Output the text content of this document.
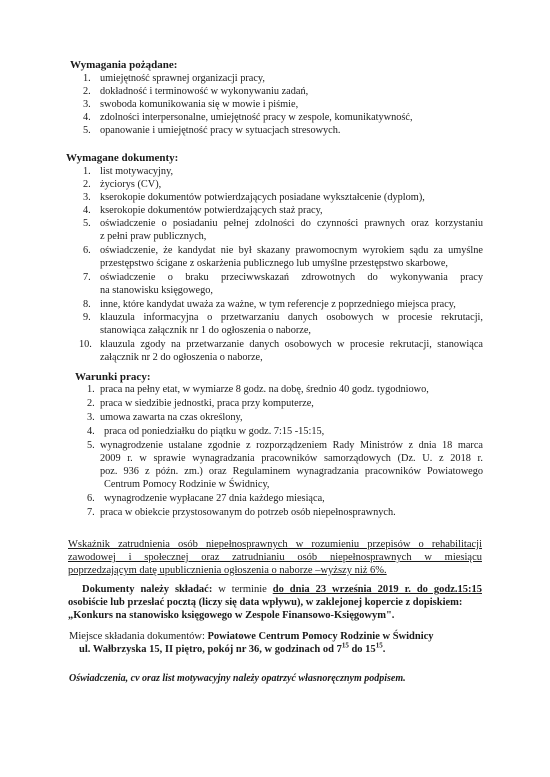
Wymagania pożądane:
1. umiejętność sprawnej organizacji pracy,
2. dokładność i terminowość w wykonywaniu zadań,
3. swoboda komunikowania się w mowie i piśmie,
4. zdolności interpersonalne, umiejętność pracy w zespole, komunikatywność,
5. opanowanie i umiejętność pracy w sytuacjach stresowych.
Wymagane dokumenty:
1. list motywacyjny,
2. życiorys (CV),
3. kserokopie dokumentów potwierdzających posiadane wykształcenie (dyplom),
4. kserokopie dokumentów potwierdzających staż pracy,
5. oświadczenie o posiadaniu pełnej zdolności do czynności prawnych oraz korzystaniu
z pełni praw publicznych,
6. oświadczenie, że kandydat nie był skazany prawomocnym wyrokiem sądu za umyślne
przestępstwo ścigane z oskarżenia publicznego lub umyślne przestępstwo skarbowe,
7. oświadczenie o braku przeciwwskazań zdrowotnych do wykonywania pracy
na stanowisku księgowego,
8. inne, które kandydat uważa za ważne, w tym referencje z poprzedniego miejsca pracy,
9. klauzula informacyjna o przetwarzaniu danych osobowych w procesie rekrutacji,
stanowiąca załącznik nr 1 do ogłoszenia o naborze,
10. klauzula zgody na przetwarzanie danych osobowych w procesie rekrutacji, stanowiąca
załącznik nr 2 do ogłoszenia o naborze,
Warunki pracy:
1. praca na pełny etat, w wymiarze 8 godz. na dobę, średnio 40 godz. tygodniowo,
2. praca w siedzibie jednostki, praca przy komputerze,
3. umowa zawarta na czas określony,
4. praca od poniedziałku do piątku w godz. 7:15 -15:15,
5. wynagrodzenie ustalane zgodnie z rozporządzeniem Rady Ministrów z dnia 18 marca
2009 r. w sprawie wynagradzania pracowników samorządowych (Dz. U. z 2018 r.
poz. 936 z późn. zm.) oraz Regulaminem wynagradzania pracowników Powiatowego
Centrum Pomocy Rodzinie w Świdnicy,
6. wynagrodzenie wypłacane 27 dnia każdego miesiąca,
7. praca w obiekcie przystosowanym do potrzeb osób niepełnosprawnych.
Wskaźnik zatrudnienia osób niepełnosprawnych w rozumieniu przepisów o rehabilitacji
zawodowej i społecznej oraz zatrudnianiu osób niepełnosprawnych w miesiącu
poprzedzającym datę upublicznienia ogłoszenia o naborze –wyższy niż 6%.
Dokumenty należy składać: w terminie do dnia 23 września 2019 r. do godz.15:15
osobiście lub przesłać pocztą (liczy się data wpływu), w zaklejonej kopercie z dopiskiem:
„Konkurs na stanowisko księgowego w Zespole Finansowo-Księgowym".
Miejsce składania dokumentów: Powiatowe Centrum Pomocy Rodzinie w Świdnicy
ul. Wałbrzyska 15, II piętro, pokój nr 36, w godzinach od $7^{15}$ do $15^{15}$.
Oświadczenia, cv oraz list motywacyjny należy opatrzyć własnoręcznym podpisem.
